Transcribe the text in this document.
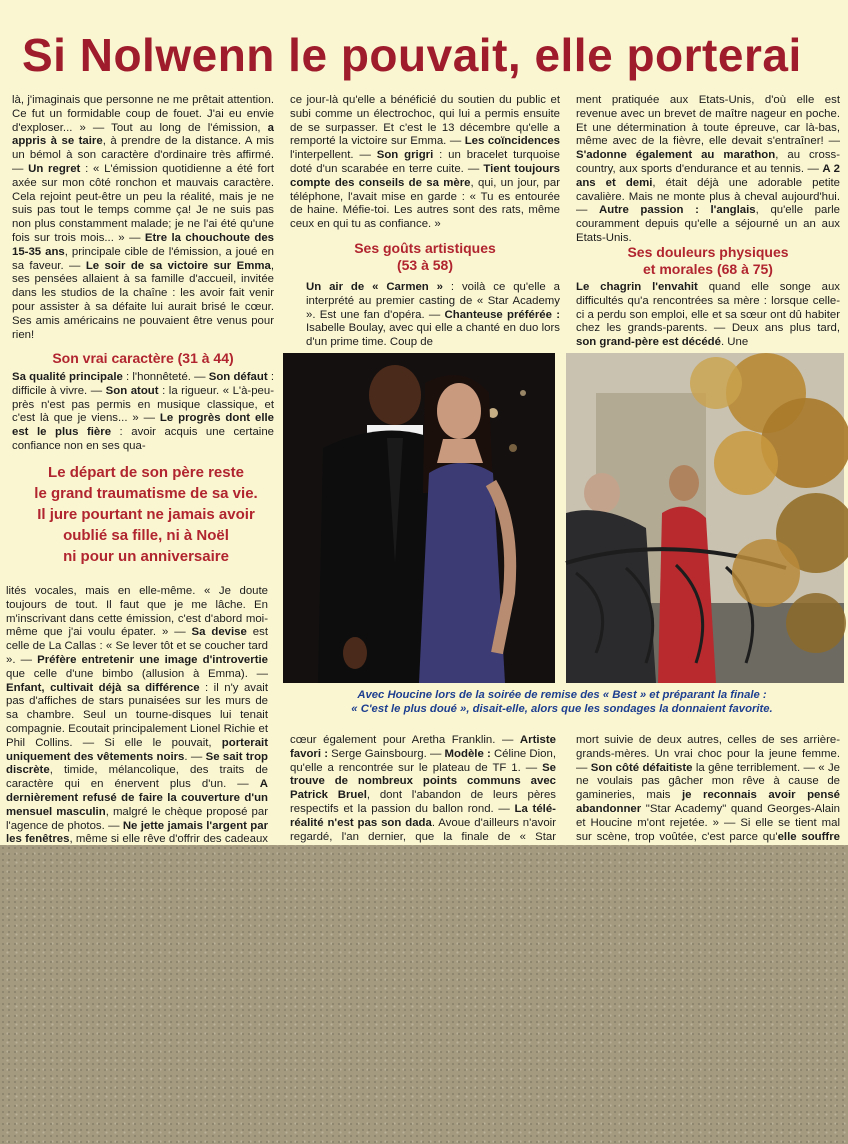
Si Nolwenn le pouvait, elle porterai

là, j'imaginais que personne ne me prêtait attention. Ce fut un formidable coup de fouet. J'ai eu envie d'exploser... » — Tout au long de l'émission, a appris à se taire, à prendre de la distance. A mis un bémol à son caractère d'ordinaire très affirmé. — Un regret : « L'émission quotidienne a été fort axée sur mon côté ronchon et mauvais caractère. Cela rejoint peut-être un peu la réalité, mais je ne suis pas tout le temps comme ça! Je ne suis pas non plus constamment malade; je ne l'ai été qu'une fois sur trois mois... » — Etre la chouchoute des 15-35 ans, principale cible de l'émission, a joué en sa faveur. — Le soir de sa victoire sur Emma, ses pensées allaient à sa famille d'accueil, invitée dans les studios de la chaîne : les avoir fait venir pour assister à sa défaite lui aurait brisé le cœur. Ses amis américains ne pouvaient être venus pour rien!

Son vrai caractère (31 à 44)

Sa qualité principale : l'honnêteté. — Son défaut : difficile à vivre. — Son atout : la rigueur. « L'à-peu-près n'est pas permis en musique classique, et c'est là que je viens... » — Le progrès dont elle est le plus fière : avoir acquis une certaine confiance non en ses qua-

Le départ de son père reste
le grand traumatisme de sa vie.
Il jure pourtant ne jamais avoir
oublié sa fille, ni à Noël
ni pour un anniversaire

lités vocales, mais en elle-même. « Je doute toujours de tout. Il faut que je me lâche. En m'inscrivant dans cette émission, c'est d'abord moi-même que j'ai voulu épater. » — Sa devise est celle de La Callas : « Se lever tôt et se coucher tard ». — Préfère entretenir une image d'introvertie que celle d'une bimbo (allusion à Emma). — Enfant, cultivait déjà sa différence : il n'y avait pas d'affiches de stars punaisées sur les murs de sa chambre. Seul un tourne-disques lui tenait compagnie. Ecoutait principalement Lionel Richie et Phil Collins. — Si elle le pouvait, porterait uniquement des vêtements noirs. — Se sait trop discrète, timide, mélancolique, des traits de caractère qui en énervent plus d'un. — A dernièrement refusé de faire la couverture d'un mensuel masculin, malgré le chèque proposé par l'agence de photos. — Ne jette jamais l'argent par les fenêtres, même si elle rêve d'offrir des cadeaux

ce jour-là qu'elle a bénéficié du soutien du public et subi comme un électrochoc, qui lui a permis ensuite de se surpasser. Et c'est le 13 décembre qu'elle a remporté la victoire sur Emma. — Les coïncidences l'interpellent. — Son grigri : un bracelet turquoise doté d'un scarabée en terre cuite. — Tient toujours compte des conseils de sa mère, qui, un jour, par téléphone, l'avait mise en garde : « Tu es entourée de haine. Méfie-toi. Les autres sont des rats, même ceux en qui tu as confiance. »

Ses goûts artistiques
(53 à 58)

Un air de « Carmen » : voilà ce qu'elle a interprété au premier casting de « Star Academy ». Est une fan d'opéra. — Chanteuse préférée : Isabelle Boulay, avec qui elle a chanté en duo lors d'un prime time. Coup de

ment pratiquée aux Etats-Unis, d'où elle est revenue avec un brevet de maître nageur en poche. Et une détermination à toute épreuve, car là-bas, même avec de la fièvre, elle devait s'entraîner! — S'adonne également au marathon, au cross-country, aux sports d'endurance et au tennis. — A 2 ans et demi, était déjà une adorable petite cavalière. Mais ne monte plus à cheval aujourd'hui. — Autre passion : l'anglais, qu'elle parle couramment depuis qu'elle a séjourné un an aux Etats-Unis.

Ses douleurs physiques
et morales (68 à 75)

Le chagrin l'envahit quand elle songe aux difficultés qu'a rencontrées sa mère : lorsque celle-ci a perdu son emploi, elle et sa sœur ont dû habiter chez les grands-parents. — Deux ans plus tard, son grand-père est décédé. Une

Avec Houcine lors de la soirée de remise des « Best » et préparant la finale :
« C'est le plus doué », disait-elle, alors que les sondages la donnaient favorite.

cœur également pour Aretha Franklin. — Artiste favori : Serge Gainsbourg. — Modèle : Céline Dion, qu'elle a rencontrée sur le plateau de TF 1. — Se trouve de nombreux points communs avec Patrick Bruel, dont l'abandon de leurs pères respectifs et la passion du ballon rond. — La télé-réalité n'est pas son dada. Avoue d'ailleurs n'avoir regardé, l'an dernier, que la finale de « Star

mort suivie de deux autres, celles de ses arrière-grands-mères. Un vrai choc pour la jeune femme. — Son côté défaitiste la gêne terriblement. — « Je ne voulais pas gâcher mon rêve à cause de gamineries, mais je reconnais avoir pensé abandonner "Star Academy" quand Georges-Alain et Houcine m'ont rejetée. » — Si elle se tient mal sur scène, trop voûtée, c'est parce qu'elle souffre
